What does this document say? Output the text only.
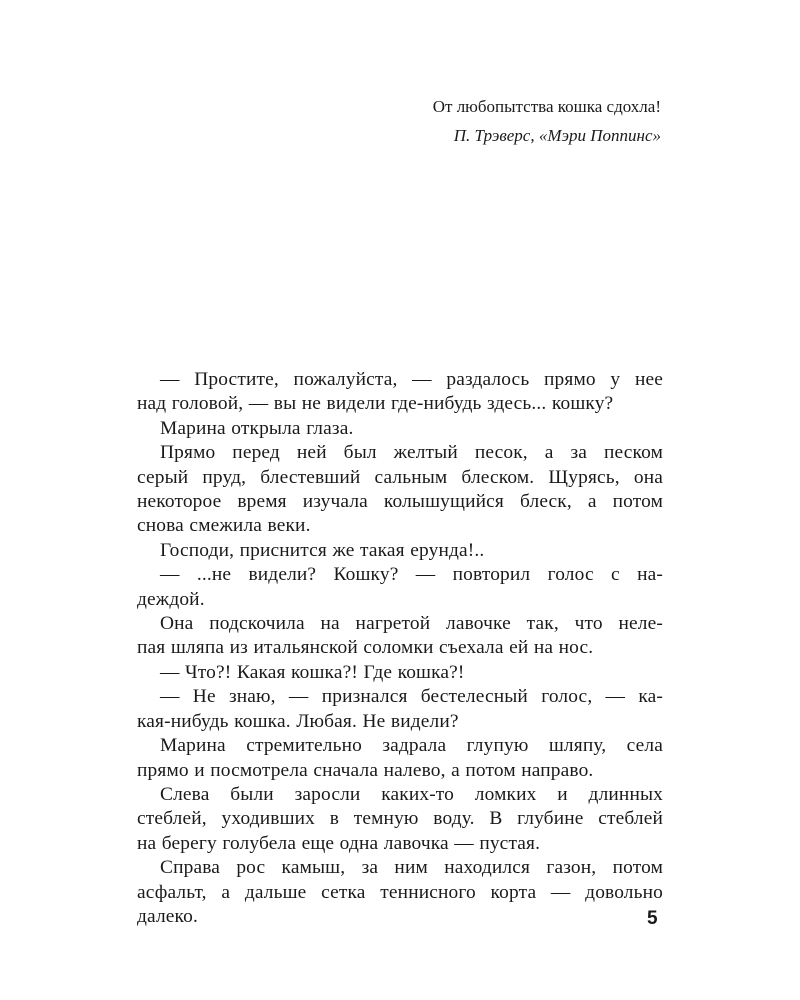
От любопытства кошка сдохла!
П. Трэверс, «Мэри Поппинс»
— Простите, пожалуйста, — раздалось прямо у нее
над головой, — вы не видели где-нибудь здесь... кошку?
Марина открыла глаза.
Прямо перед ней был желтый песок, а за песком
серый пруд, блестевший сальным блеском. Щурясь, она
некоторое время изучала колышущийся блеск, а потом
снова смежила веки.
Господи, приснится же такая ерунда!..
— ...не видели? Кошку? — повторил голос с на-
деждой.
Она подскочила на нагретой лавочке так, что неле-
пая шляпа из итальянской соломки съехала ей на нос.
— Что?! Какая кошка?! Где кошка?!
— Не знаю, — признался бестелесный голос, — ка-
кая-нибудь кошка. Любая. Не видели?
Марина стремительно задрала глупую шляпу, села
прямо и посмотрела сначала налево, а потом направо.
Слева были заросли каких-то ломких и длинных
стеблей, уходивших в темную воду. В глубине стеблей
на берегу голубела еще одна лавочка — пустая.
Справа рос камыш, за ним находился газон, потом
асфальт, а дальше сетка теннисного корта — довольно
далеко.	5
